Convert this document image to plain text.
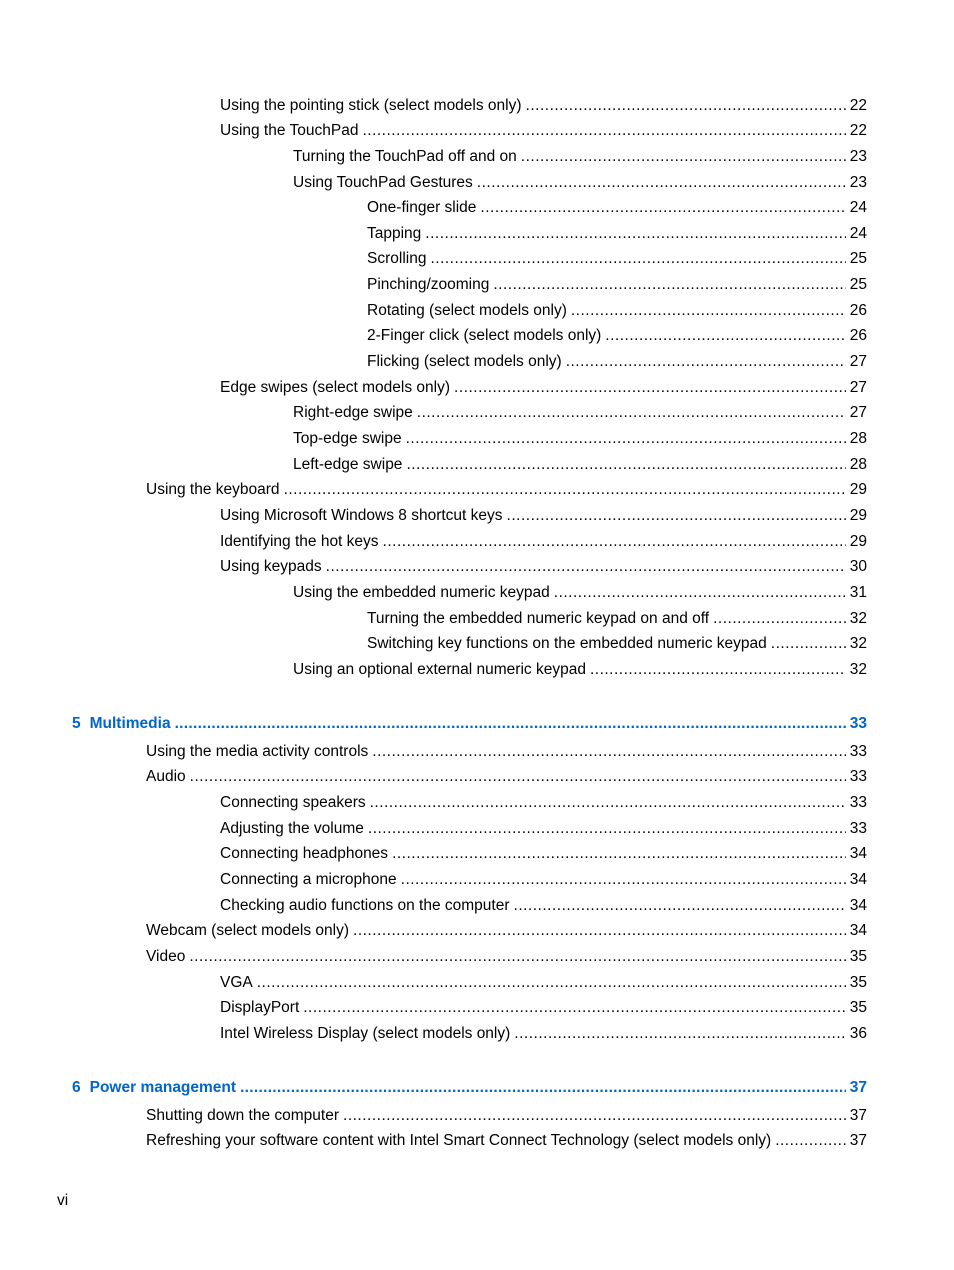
Using the pointing stick (select models only) .....	22
Using the TouchPad .....	22
Turning the TouchPad off and on .....	23
Using TouchPad Gestures .....	23
One-finger slide .....	24
Tapping .....	24
Scrolling .....	25
Pinching/zooming .....	25
Rotating (select models only) .....	26
2-Finger click (select models only) .....	26
Flicking (select models only) .....	27
Edge swipes (select models only) .....	27
Right-edge swipe .....	27
Top-edge swipe .....	28
Left-edge swipe .....	28
Using the keyboard .....	29
Using Microsoft Windows 8 shortcut keys .....	29
Identifying the hot keys .....	29
Using keypads .....	30
Using the embedded numeric keypad .....	31
Turning the embedded numeric keypad on and off .....	32
Switching key functions on the embedded numeric keypad .....	32
Using an optional external numeric keypad .....	32
5 Multimedia .....	33
Using the media activity controls .....	33
Audio .....	33
Connecting speakers .....	33
Adjusting the volume .....	33
Connecting headphones .....	34
Connecting a microphone .....	34
Checking audio functions on the computer .....	34
Webcam (select models only) .....	34
Video .....	35
VGA .....	35
DisplayPort .....	35
Intel Wireless Display (select models only) .....	36
6 Power management .....	37
Shutting down the computer .....	37
Refreshing your software content with Intel Smart Connect Technology (select models only) .....	37
vi
